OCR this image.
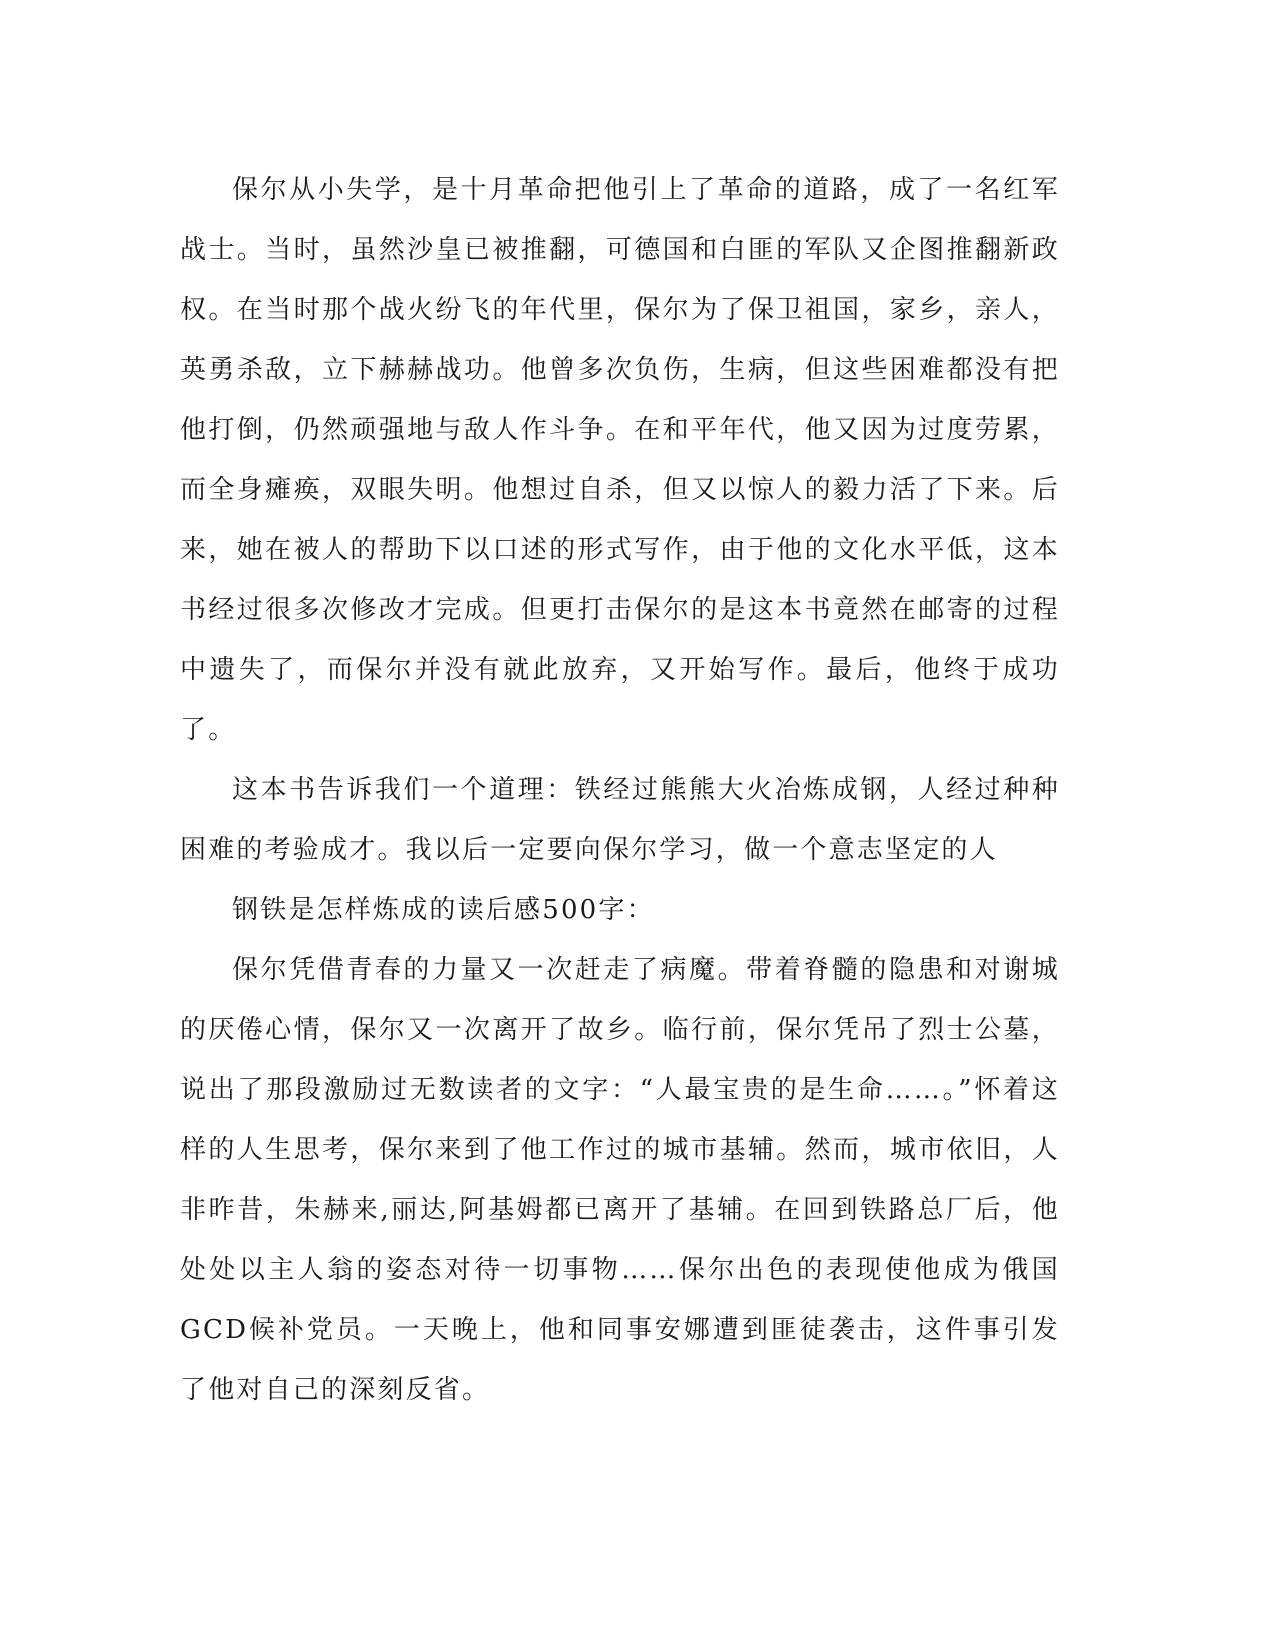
保尔从小失学，是十月革命把他引上了革命的道路，成了一名红军战士。当时，虽然沙皇已被推翻，可德国和白匪的军队又企图推翻新政权。在当时那个战火纷飞的年代里，保尔为了保卫祖国，家乡，亲人，英勇杀敌，立下赫赫战功。他曾多次负伤，生病，但这些困难都没有把他打倒，仍然顽强地与敌人作斗争。在和平年代，他又因为过度劳累，而全身瘫痪，双眼失明。他想过自杀，但又以惊人的毅力活了下来。后来，她在被人的帮助下以口述的形式写作，由于他的文化水平低，这本书经过很多次修改才完成。但更打击保尔的是这本书竟然在邮寄的过程中遗失了，而保尔并没有就此放弃，又开始写作。最后，他终于成功了。

这本书告诉我们一个道理：铁经过熊熊大火冶炼成钢，人经过种种困难的考验成才。我以后一定要向保尔学习，做一个意志坚定的人

钢铁是怎样炼成的读后感500字：

保尔凭借青春的力量又一次赶走了病魔。带着脊髓的隐患和对谢城的厌倦心情，保尔又一次离开了故乡。临行前，保尔凭吊了烈士公墓，说出了那段激励过无数读者的文字：“人最宝贵的是生命……。”怀着这样的人生思考，保尔来到了他工作过的城市基辅。然而，城市依旧，人非昨昔，朱赫来,丽达,阿基姆都已离开了基辅。在回到铁路总厂后，他处处以主人翁的姿态对待一切事物……保尔出色的表现使他成为俄国GCD候补党员。一天晚上，他和同事安娜遭到匪徒袭击，这件事引发了他对自己的深刻反省。
